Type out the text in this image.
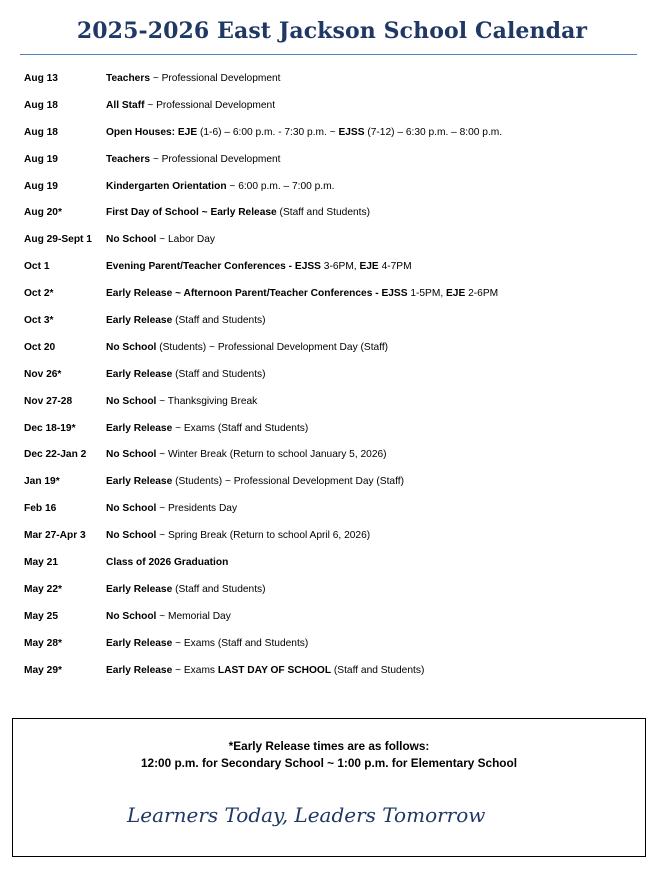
2025-2026 East Jackson School Calendar
Aug 13	Teachers ~ Professional Development
Aug 18	All Staff ~ Professional Development
Aug 18	Open Houses: EJE (1-6) – 6:00 p.m. - 7:30 p.m. ~ EJSS (7-12) – 6:30 p.m. – 8:00 p.m.
Aug 19	Teachers ~ Professional Development
Aug 19	Kindergarten Orientation ~ 6:00 p.m. – 7:00 p.m.
Aug 20*	First Day of School ~ Early Release (Staff and Students)
Aug 29-Sept 1 No School ~ Labor Day
Oct 1	Evening Parent/Teacher Conferences - EJSS 3-6PM, EJE 4-7PM
Oct 2*	Early Release ~ Afternoon Parent/Teacher Conferences - EJSS 1-5PM, EJE 2-6PM
Oct 3*	Early Release (Staff and Students)
Oct 20	No School (Students) ~ Professional Development Day (Staff)
Nov 26*	Early Release (Staff and Students)
Nov 27-28	No School ~ Thanksgiving Break
Dec 18-19*	Early Release ~ Exams (Staff and Students)
Dec 22-Jan 2 No School ~ Winter Break (Return to school January 5, 2026)
Jan 19*	Early Release (Students) ~ Professional Development Day (Staff)
Feb 16	No School ~ Presidents Day
Mar 27-Apr 3 No School ~ Spring Break (Return to school April 6, 2026)
May 21	Class of 2026 Graduation
May 22*	Early Release (Staff and Students)
May 25	No School ~ Memorial Day
May 28*	Early Release ~ Exams (Staff and Students)
May 29*	Early Release ~ Exams LAST DAY OF SCHOOL (Staff and Students)
*Early Release times are as follows:
12:00 p.m. for Secondary School ~ 1:00 p.m. for Elementary School
Learners Today, Leaders Tomorrow
